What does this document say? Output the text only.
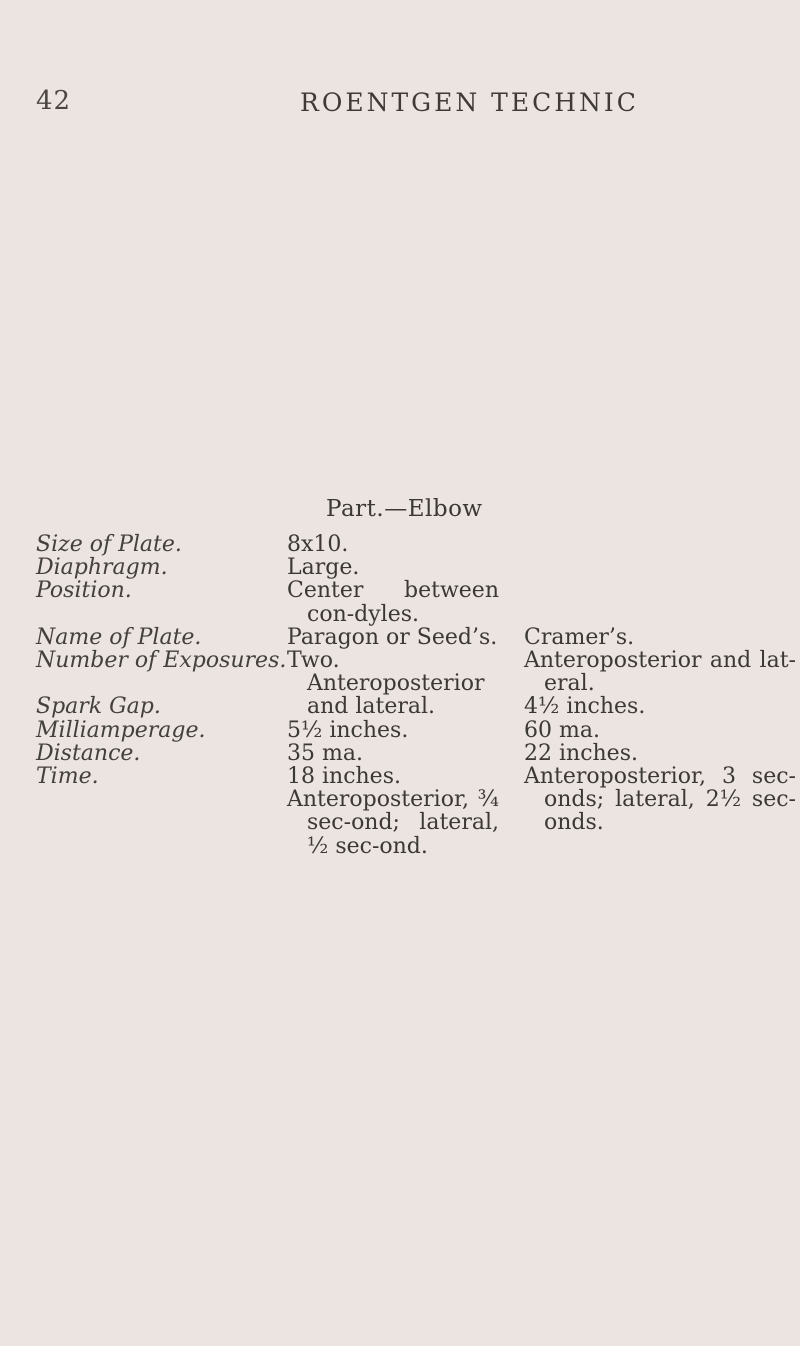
42	ROENTGEN TECHNIC
Part.—Elbow
Size of Plate.
Diaphragm.
Position.
Name of Plate.
Number of Exposures.
Spark Gap.
Milliamperage.
Distance.
Time.
8x10.
Large.
Center between con-dyles.
Paragon or Seed’s.
Two. Anteroposterior and lateral.
5½ inches.
35 ma.
18 inches.
Anteroposterior, ¾ sec-ond; lateral, ½ sec-ond.
Cramer’s.
Anteroposterior and lat-eral.
4½ inches.
60 ma.
22 inches.
Anteroposterior, 3 sec-onds; lateral, 2½ sec-onds.
